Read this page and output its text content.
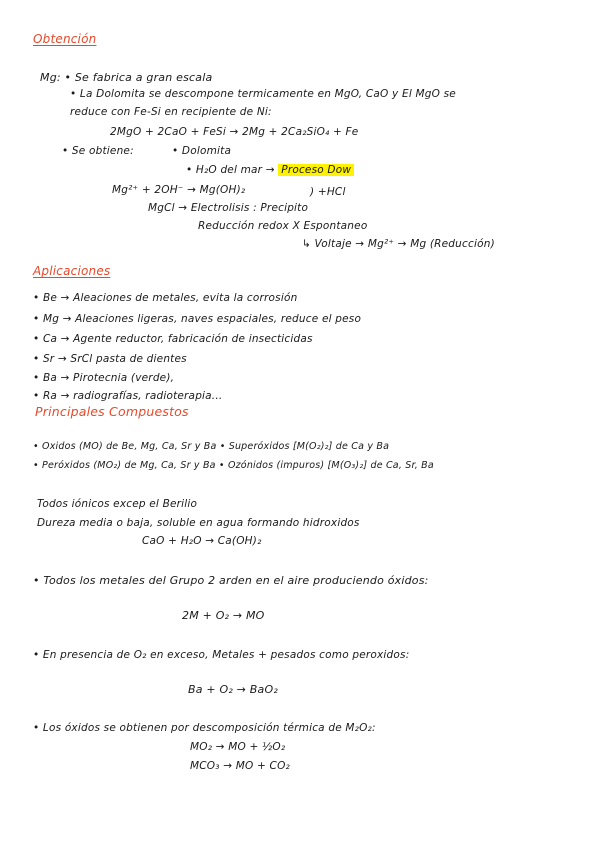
Obtención
Mg: • Se fabrica a gran escala
• La Dolomita se descompone termicamente en MgO, CaO y El MgO se
reduce con Fe-Si en recipiente de Ni:
2MgO + 2CaO + FeSi → 2Mg + 2Ca₂SiO₄ + Fe
• Se obtiene:	• Dolomita
• H₂O del mar → Proceso Dow
Mg²⁺ + 2OH⁻ → Mg(OH)₂	) +HCl
MgCl → Electrolisis : Precipito
Reducción redox X Espontaneo
↳ Voltaje → Mg²⁺ → Mg (Reducción)
Aplicaciones
• Be → Aleaciones de metales, evita la corrosión
• Mg → Aleaciones ligeras, naves espaciales, reduce el peso
• Ca → Agente reductor, fabricación de insecticidas
• Sr → SrCl pasta de dientes
• Ba → Pirotecnia (verde),
• Ra → radiografías, radioterapia...
Principales Compuestos
• Oxidos (MO) de Be, Mg, Ca, Sr y Ba • Superóxidos [M(O₂)₂] de Ca y Ba
• Peróxidos (MO₂) de Mg, Ca, Sr y Ba • Ozónidos (impuros) [M(O₃)₂] de Ca, Sr, Ba
Todos iónicos excep el Berilio
Dureza media o baja, soluble en agua formando hidroxidos
CaO + H₂O → Ca(OH)₂
• Todos los metales del Grupo 2 arden en el aire produciendo óxidos:
2M + O₂ → MO
• En presencia de O₂ en exceso, Metales + pesados como peroxidos:
Ba + O₂ → BaO₂
• Los óxidos se obtienen por descomposición térmica de M₂O₂:
MO₂ → MO + ½O₂
MCO₃ → MO + CO₂
